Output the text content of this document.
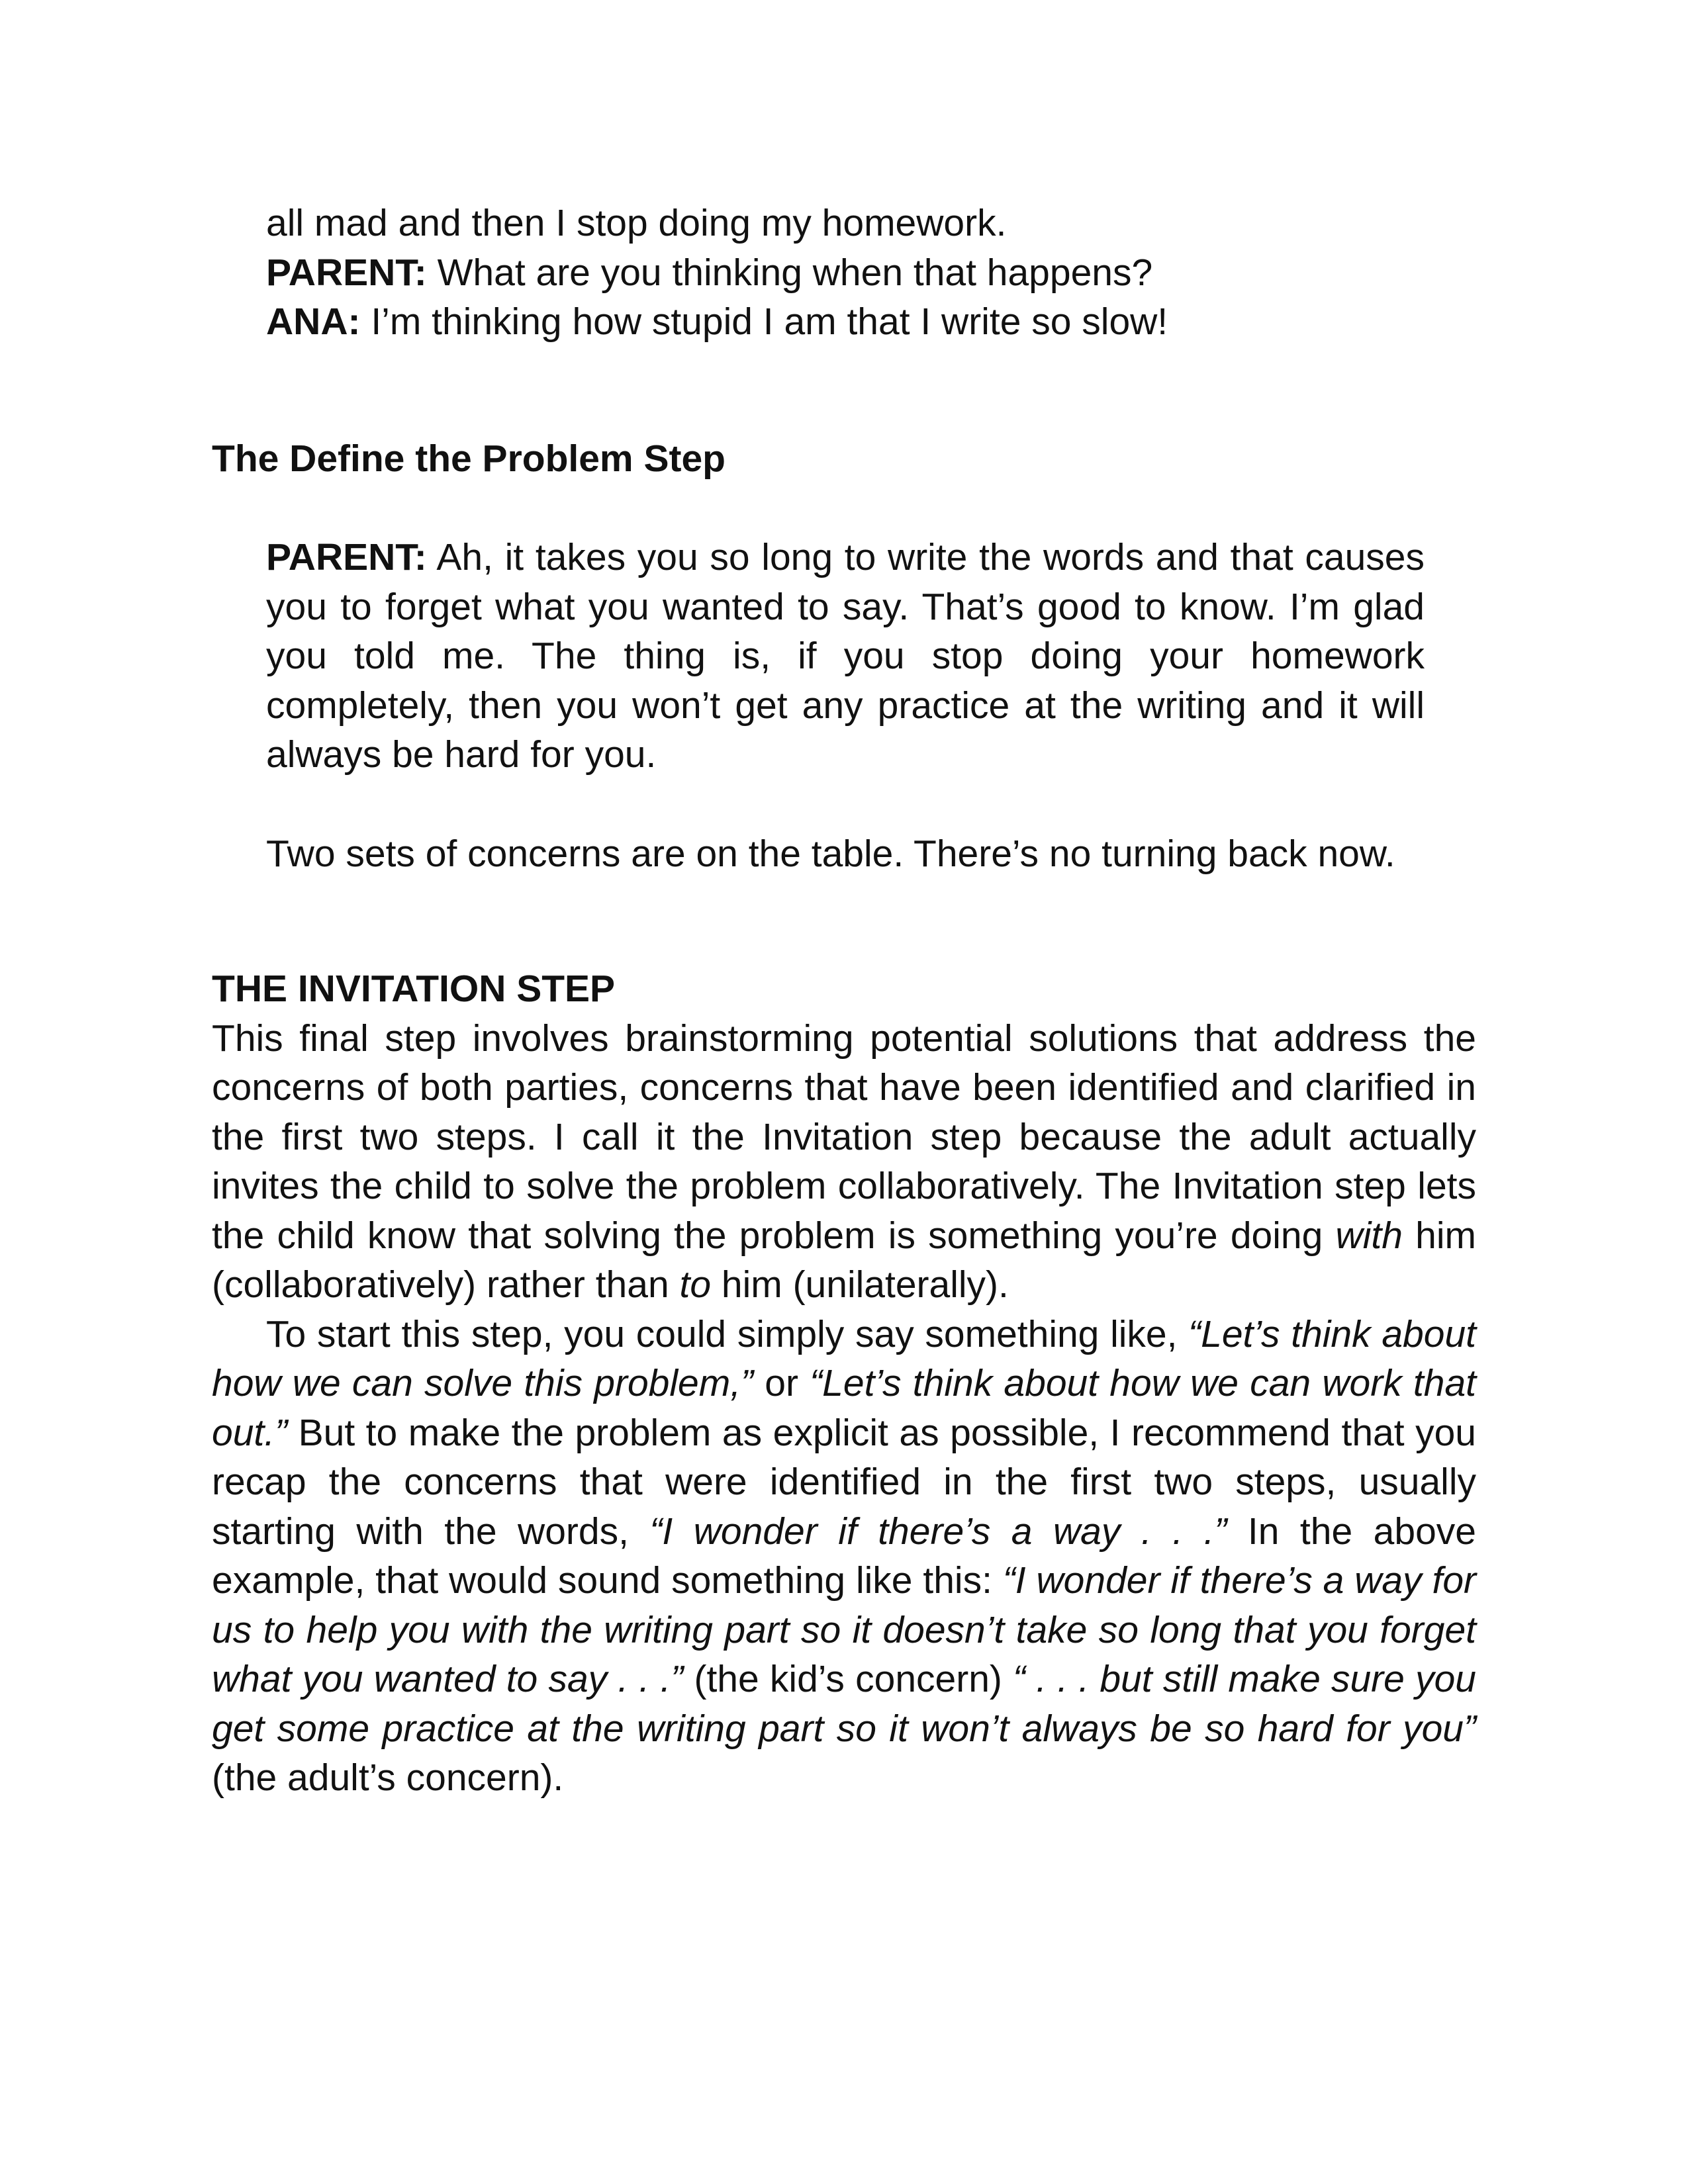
all mad and then I stop doing my homework.

PARENT: What are you thinking when that happens?

ANA: I’m thinking how stupid I am that I write so slow!

The Define the Problem Step

PARENT: Ah, it takes you so long to write the words and that causes you to forget what you wanted to say. That’s good to know. I’m glad you told me. The thing is, if you stop doing your homework completely, then you won’t get any practice at the writing and it will always be hard for you.

Two sets of concerns are on the table. There’s no turning back now.

THE INVITATION STEP

This final step involves brainstorming potential solutions that address the concerns of both parties, concerns that have been identified and clarified in the first two steps. I call it the Invitation step because the adult actually invites the child to solve the problem collaboratively. The Invitation step lets the child know that solving the problem is something you’re doing with him (collaboratively) rather than to him (unilaterally).

To start this step, you could simply say something like, “Let’s think about how we can solve this problem,” or “Let’s think about how we can work that out.” But to make the problem as explicit as possible, I recommend that you recap the concerns that were identified in the first two steps, usually starting with the words, “I wonder if there’s a way . . .” In the above example, that would sound something like this: “I wonder if there’s a way for us to help you with the writing part so it doesn’t take so long that you forget what you wanted to say . . .” (the kid’s concern) “ . . . but still make sure you get some practice at the writing part so it won’t always be so hard for you” (the adult’s concern).
